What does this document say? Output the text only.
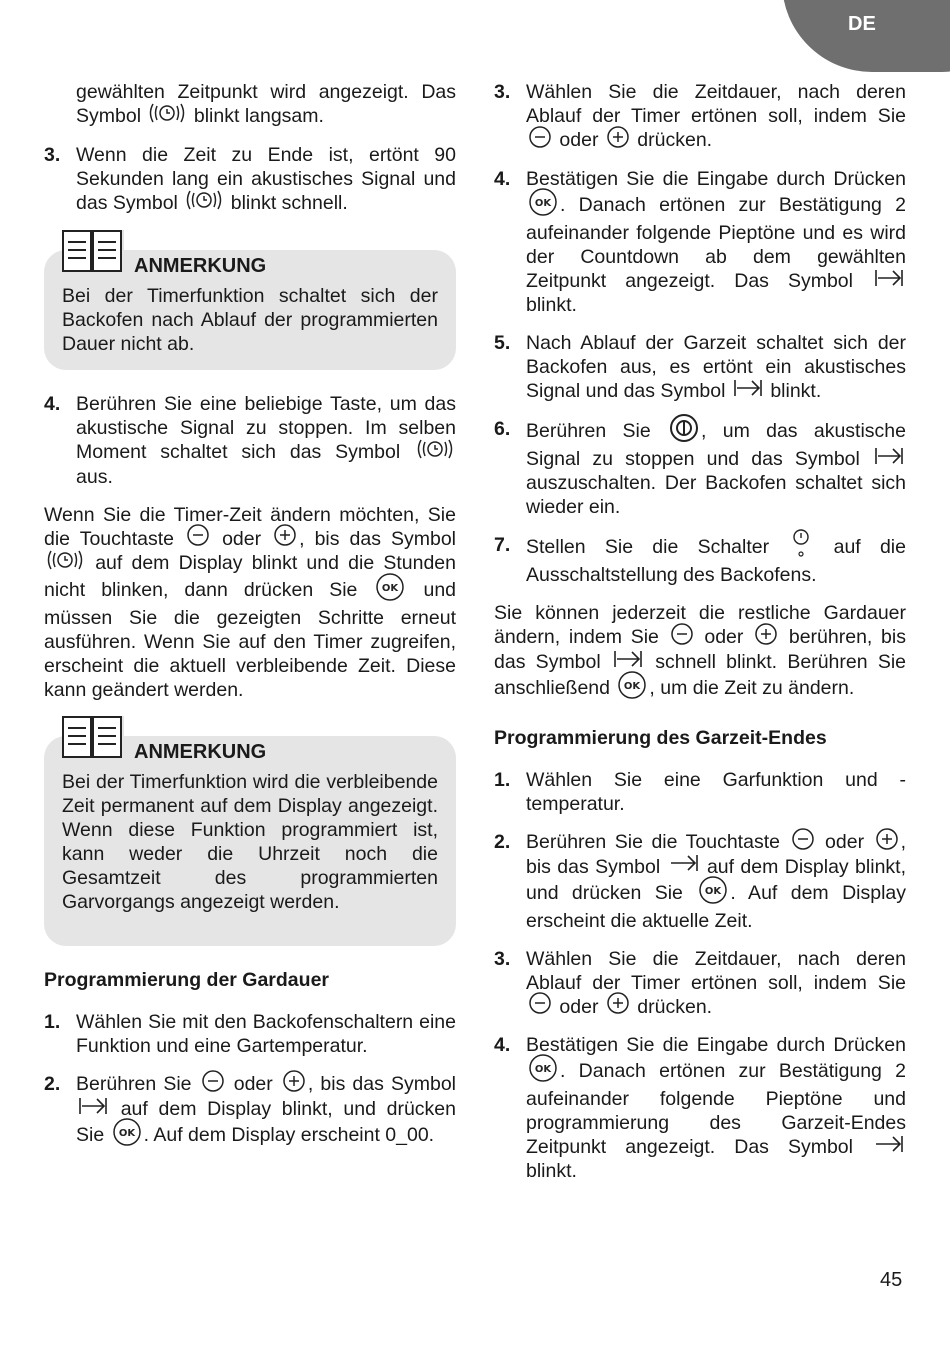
DE
gewählten Zeitpunkt wird angezeigt. Das Symbol	blinkt langsam.
3. Wenn die Zeit zu Ende ist, ertönt 90 Sekunden lang ein akustisches Signal und das Symbol	blinkt schnell.
ANMERKUNG

Bei der Timerfunktion schaltet sich der Backofen nach Ablauf der programmierten Dauer nicht ab.

4. Berühren Sie eine beliebige Taste, um das akustische Signal zu stoppen. Im selben Moment schaltet sich das Symbol
aus.

Wenn Sie die Timer-Zeit ändern möchten, Sie die Touchtaste oder , bis das Symbol
auf dem Display blinkt und die Stunden nicht blinken, dann drücken Sie OK und müssen Sie die gezeigten Schritte erneut ausführen. Wenn Sie auf den Timer zugreifen, erscheint die aktuell verbleibende Zeit. Diese kann geändert werden.

ANMERKUNG

Bei der Timerfunktion wird die verbleibende Zeit permanent auf dem Display angezeigt. Wenn diese Funktion programmiert ist, kann weder die Uhrzeit noch die Gesamtzeit des programmierten Garvorgangs angezeigt werden.

Programmierung der Gardauer
1. Wählen Sie mit den Backofenschaltern eine Funktion und eine Gartemperatur.
2. Berühren Sie oder , bis das Symbol
auf dem Display blinkt, und drücken Sie OK . Auf dem Display erscheint 0_00.
3. Wählen Sie die Zeitdauer, nach deren Ablauf der Timer ertönen soll, indem Sie
oder drücken.
4. Bestätigen Sie die Eingabe durch Drücken
OK . Danach ertönen zur Bestätigung 2 aufeinander folgende Pieptöne und es wird der Countdown ab dem gewählten Zeitpunkt angezeigt. Das Symbol
blinkt.
5. Nach Ablauf der Garzeit schaltet sich der Backofen aus, es ertönt ein akustisches Signal und das Symbol blinkt.
6. Berühren Sie	, um das akustische Signal zu stoppen und das Symbol
auszuschalten. Der Backofen schaltet sich wieder ein.
7. Stellen Sie die Schalter	auf die Ausschaltstellung des Backofens.

Sie können jederzeit die restliche Gardauer ändern, indem Sie oder berühren, bis das Symbol	schnell blinkt. Berühren Sie anschließend OK , um die Zeit zu ändern.

Programmierung des Garzeit-Endes
1. Wählen Sie eine Garfunktion und -temperatur.
2. Berühren Sie die Touchtaste oder , bis das Symbol auf dem Display blinkt, und drücken Sie OK . Auf dem Display erscheint die aktuelle Zeit.
3. Wählen Sie die Zeitdauer, nach deren Ablauf der Timer ertönen soll, indem Sie
oder drücken.
4. Bestätigen Sie die Eingabe durch Drücken
OK . Danach ertönen zur Bestätigung 2 aufeinander folgende Pieptöne und programmierung des Garzeit-Endes Zeitpunkt angezeigt. Das Symbol
blinkt.
45
